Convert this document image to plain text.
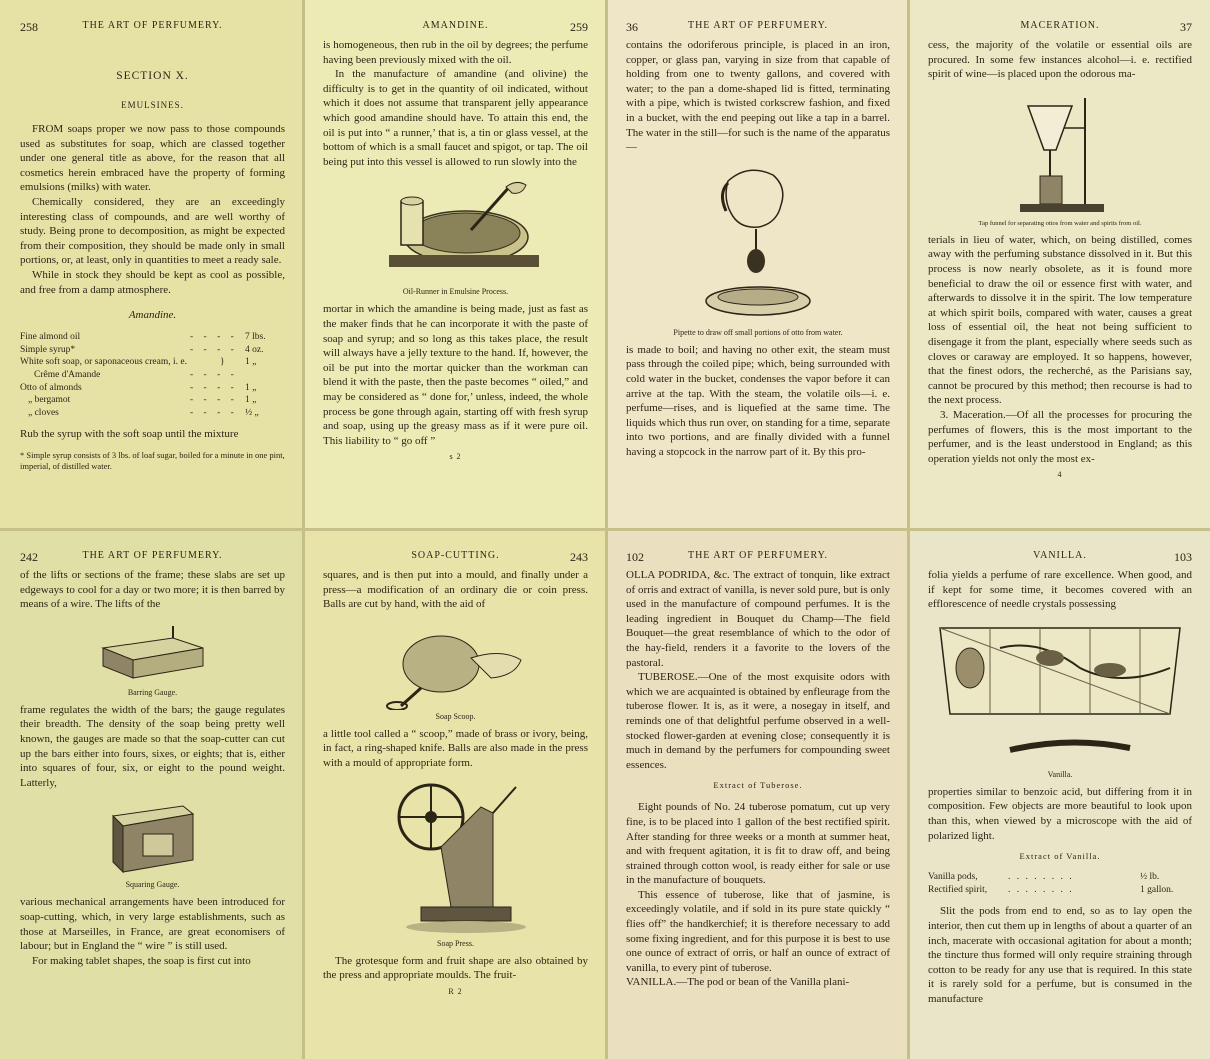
258	THE ART OF PERFUMERY.
SECTION X.
EMULSINES.

FROM soaps proper we now pass to those compounds used as substitutes for soap, which are classed together under one general title as above, for the reason that all cosmetics herein embraced have the property of forming emulsions (milks) with water.

Chemically considered, they are an exceedingly interesting class of compounds, and are well worthy of study. Being prone to decomposition, as might be expected from their composition, they should be made only in small portions, or, at least, only in quantities to meet a ready sale.

While in stock they should be kept as cool as possible, and free from a damp atmosphere.

Amandine.
Fine almond oil	- - - - 7 lbs.
Simple syrup*	- - - - 4 oz.
White soft soap, or saponaceous cream, i. e.	}	1 „
Crême d'Amande	- - - -
Otto of almonds	- - - - 1 „
„ bergamot	- - - - 1 „
„ cloves	- - - - ½ „

Rub the syrup with the soft soap until the mixture

* Simple syrup consists of 3 lbs. of loaf sugar, boiled for a minute in one pint, imperial, of distilled water.
AMANDINE.	259

is homogeneous, then rub in the oil by degrees; the perfume having been previously mixed with the oil.

In the manufacture of amandine (and olivine) the difficulty is to get in the quantity of oil indicated, without which it does not assume that transparent jelly appearance which good amandine should have. To attain this end, the oil is put into “ a runner,’ that is, a tin or glass vessel, at the bottom of which is a small faucet and spigot, or tap. The oil being put into this vessel is allowed to run slowly into the

Oil-Runner in Emulsine Process.

mortar in which the amandine is being made, just as fast as the maker finds that he can incorporate it with the paste of soap and syrup; and so long as this takes place, the result will always have a jelly texture to the hand. If, however, the oil be put into the mortar quicker than the workman can blend it with the paste, then the paste becomes “ oiled,” and may be considered as “ done for,’ unless, indeed, the whole process be gone through again, starting off with fresh syrup and soap, using up the greasy mass as if it were pure oil. This liability to “ go off ”

s 2
36	THE ART OF PERFUMERY.

contains the odoriferous principle, is placed in an iron, copper, or glass pan, varying in size from that capable of holding from one to twenty gallons, and covered with water; to the pan a dome-shaped lid is fitted, terminating with a pipe, which is twisted corkscrew fashion, and fixed in a bucket, with the end peeping out like a tap in a barrel. The water in the still—for such is the name of the apparatus—

Pipette to draw off small portions of otto from water.

is made to boil; and having no other exit, the steam must pass through the coiled pipe; which, being surrounded with cold water in the bucket, condenses the vapor before it can arrive at the tap. With the steam, the volatile oils—i. e. perfume—rises, and is liquefied at the same time. The liquids which thus run over, on standing for a time, separate into two portions, and are finally divided with a funnel having a stopcock in the narrow part of it. By this pro-

MACERATION.	37

cess, the majority of the volatile or essential oils are procured. In some few instances alcohol—i. e. rectified spirit of wine—is placed upon the odorous ma-

Tap funnel for separating ottos from water and spirits from oil.

terials in lieu of water, which, on being distilled, comes away with the perfuming substance dissolved in it. But this process is now nearly obsolete, as it is found more beneficial to draw the oil or essence first with water, and afterwards to dissolve it in the spirit. The low temperature at which spirit boils, compared with water, causes a great loss of essential oil, the heat not being sufficient to disengage it from the plant, especially where seeds such as cloves or caraway are employed. It so happens, however, that the finest odors, the recherché, as the Parisians say, cannot be procured by this method; then recourse is had to the next process.

3. Maceration.—Of all the processes for procuring the perfumes of flowers, this is the most important to the perfumer, and is the least understood in England; as this operation yields not only the most ex-

4
242	THE ART OF PERFUMERY.

of the lifts or sections of the frame; these slabs are set up edgeways to cool for a day or two more; it is then barred by means of a wire. The lifts of the

Barring Gauge.

frame regulates the width of the bars; the gauge regulates their breadth. The density of the soap being pretty well known, the gauges are made so that the soap-cutter can cut up the bars either into fours, sixes, or eights; that is, either into squares of four, six, or eight to the pound weight. Latterly,

Squaring Gauge.

various mechanical arrangements have been introduced for soap-cutting, which, in very large establishments, such as those at Marseilles, in France, are great economisers of labour; but in England the “ wire ” is still used.

For making tablet shapes, the soap is first cut into

SOAP-CUTTING.	243

squares, and is then put into a mould, and finally under a press—a modification of an ordinary die or coin press. Balls are cut by hand, with the aid of

Soap Scoop.

a little tool called a “ scoop,” made of brass or ivory, being, in fact, a ring-shaped knife. Balls are also made in the press with a mould of appropriate form.

Soap Press.

The grotesque form and fruit shape are also obtained by the press and appropriate moulds. The fruit-

R 2
102	THE ART OF PERFUMERY.

OLLA PODRIDA, &c. The extract of tonquin, like extract of orris and extract of vanilla, is never sold pure, but is only used in the manufacture of compound perfumes. It is the leading ingredient in Bouquet du Champ—The field Bouquet—the great resemblance of which to the odor of the hay-field, renders it a favorite to the lovers of the pastoral.

TUBEROSE.—One of the most exquisite odors with which we are acquainted is obtained by enfleurage from the tuberose flower. It is, as it were, a nosegay in itself, and reminds one of that delightful perfume observed in a well-stocked flower-garden at evening close; consequently it is much in demand by the perfumers for compounding sweet essences.

Extract of Tuberose.

Eight pounds of No. 24 tuberose pomatum, cut up very fine, is to be placed into 1 gallon of the best rectified spirit. After standing for three weeks or a month at summer heat, and with frequent agitation, it is fit to draw off, and being strained through cotton wool, is ready either for sale or use in the manufacture of bouquets.

This essence of tuberose, like that of jasmine, is exceedingly volatile, and if sold in its pure state quickly “ flies off” the handkerchief; it is therefore necessary to add some fixing ingredient, and for this purpose it is best to use one ounce of extract of orris, or half an ounce of extract of vanilla, to every pint of tuberose.

VANILLA.—The pod or bean of the Vanilla plani-

VANILLA.	103

folia yields a perfume of rare excellence. When good, and if kept for some time, it becomes covered with an efflorescence of needle crystals possessing

Vanilla.

properties similar to benzoic acid, but differing from it in composition. Few objects are more beautiful to look upon than this, when viewed by a microscope with the aid of polarized light.

Extract of Vanilla.
Vanilla pods,	. . . . . . . .	½ lb.
Rectified spirit,	. . . . . . . .	1 gallon.

Slit the pods from end to end, so as to lay open the interior, then cut them up in lengths of about a quarter of an inch, macerate with occasional agitation for about a month; the tincture thus formed will only require straining through cotton to be ready for any use that is required. In this state it is rarely sold for a perfume, but is consumed in the manufacture
